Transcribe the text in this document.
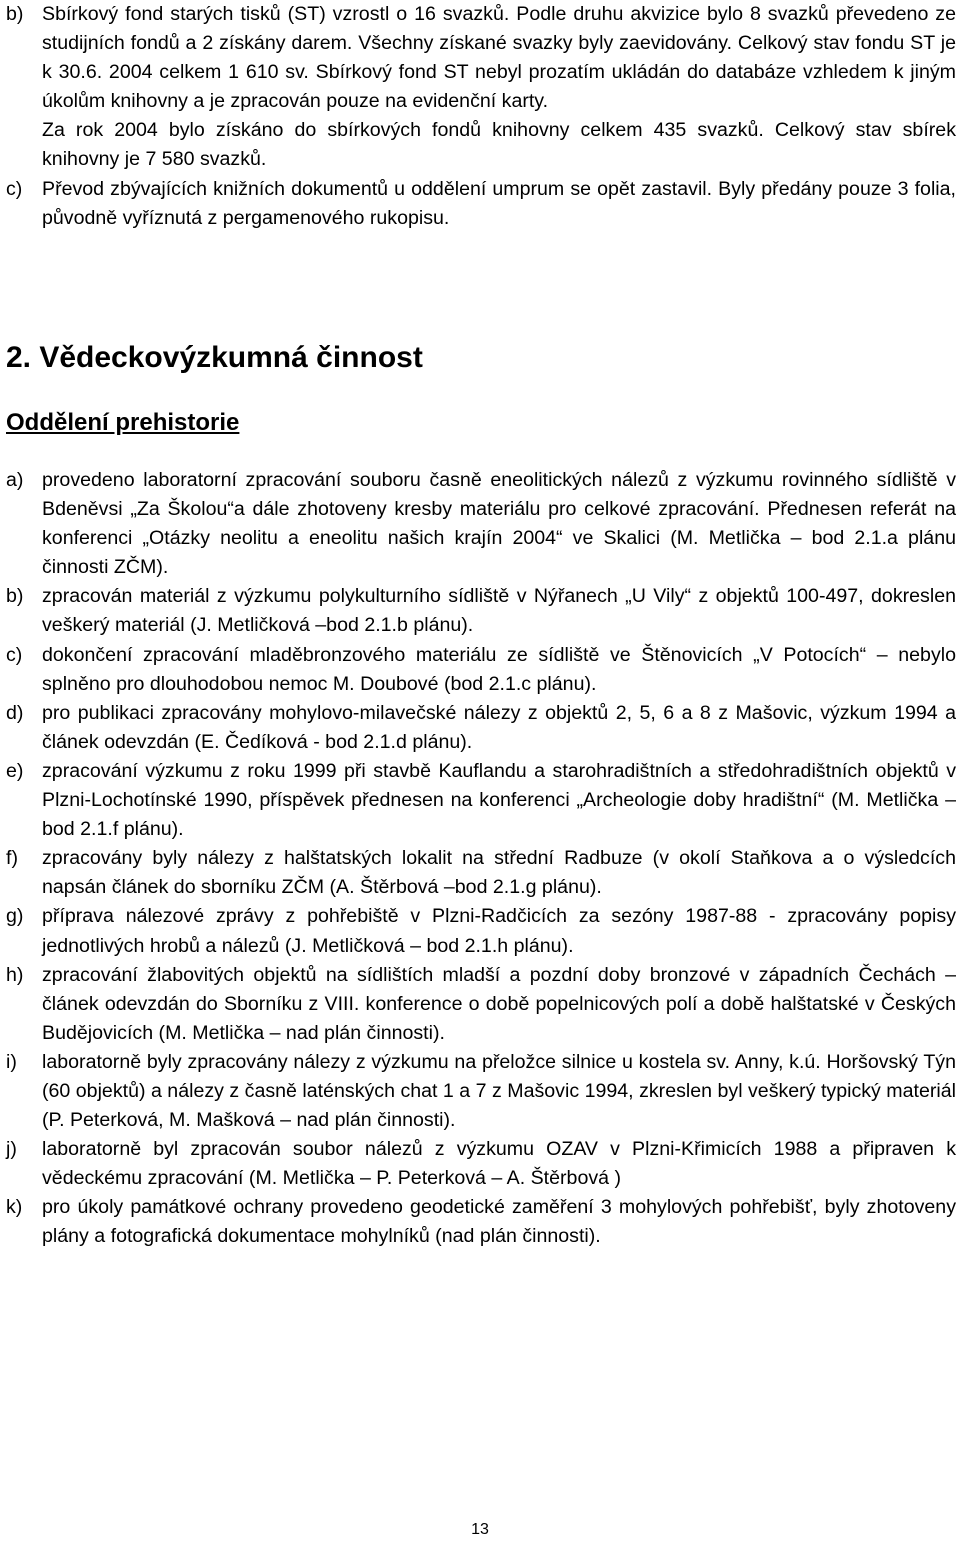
b) Sbírkový fond starých tisků (ST) vzrostl o 16 svazků. Podle druhu akvizice bylo 8 svazků převedeno ze studijních fondů a 2 získány darem. Všechny získané svazky byly zaevidovány. Celkový stav fondu ST je k 30.6. 2004 celkem 1 610 sv. Sbírkový fond ST nebyl prozatím ukládán do databáze vzhledem k jiným úkolům knihovny a je zpracován pouze na evidenční karty.

Za rok 2004 bylo získáno do sbírkových fondů knihovny celkem 435 svazků. Celkový stav sbírek knihovny je 7 580 svazků.

c) Převod zbývajících knižních dokumentů u oddělení umprum se opět zastavil. Byly předány pouze 3 folia, původně vyříznutá z pergamenového rukopisu.

2. Vědeckovýzkumná činnost
Oddělení prehistorie
a) provedeno laboratorní zpracování souboru časně eneolitických nálezů z výzkumu rovinného sídliště v Bdeněvsi „Za Školou“a dále zhotoveny kresby materiálu pro celkové zpracování. Přednesen referát na konferenci „Otázky neolitu a eneolitu našich krajín 2004“ ve Skalici (M. Metlička – bod 2.1.a plánu činnosti ZČM).

b) zpracován materiál z výzkumu polykulturního sídliště v Nýřanech „U Vily“ z objektů 100-497, dokreslen veškerý materiál (J. Metličková –bod 2.1.b plánu).

c) dokončení zpracování mladěbronzového materiálu ze sídliště ve Štěnovicích „V Potocích“ – nebylo splněno pro dlouhodobou nemoc M. Doubové (bod 2.1.c plánu).

d) pro publikaci zpracovány mohylovo-milavečské nálezy z objektů 2, 5, 6 a 8 z Mašovic, výzkum 1994 a článek odevzdán (E. Čedíková - bod 2.1.d plánu).

e) zpracování výzkumu z roku 1999 při stavbě Kauflandu a starohradištních a středohradištních objektů v Plzni-Lochotínské 1990, příspěvek přednesen na konferenci „Archeologie doby hradištní“ (M. Metlička – bod 2.1.f plánu).

f) zpracovány byly nálezy z halštatských lokalit na střední Radbuze (v okolí Staňkova a o výsledcích napsán článek do sborníku ZČM (A. Štěrbová –bod 2.1.g plánu).

g) příprava nálezové zprávy z pohřebiště v Plzni-Radčicích za sezóny 1987-88 - zpracovány popisy jednotlivých hrobů a nálezů (J. Metličková – bod 2.1.h plánu).

h) zpracování žlabovitých objektů na sídlištích mladší a pozdní doby bronzové v západních Čechách – článek odevzdán do Sborníku z VIII. konference o době popelnicových polí a době halštatské v Českých Budějovicích (M. Metlička – nad plán činnosti).

i) laboratorně byly zpracovány nálezy z výzkumu na přeložce silnice u kostela sv. Anny, k.ú. Horšovský Týn (60 objektů) a nálezy z časně laténských chat 1 a 7 z Mašovic 1994, zkreslen byl veškerý typický materiál (P. Peterková, M. Mašková – nad plán činnosti).

j) laboratorně byl zpracován soubor nálezů z výzkumu OZAV v Plzni-Křimicích 1988 a připraven k vědeckému zpracování (M. Metlička – P. Peterková – A. Štěrbová )

k) pro úkoly památkové ochrany provedeno geodetické zaměření 3 mohylových pohřebišť, byly zhotoveny plány a fotografická dokumentace mohylníků (nad plán činnosti).

13
